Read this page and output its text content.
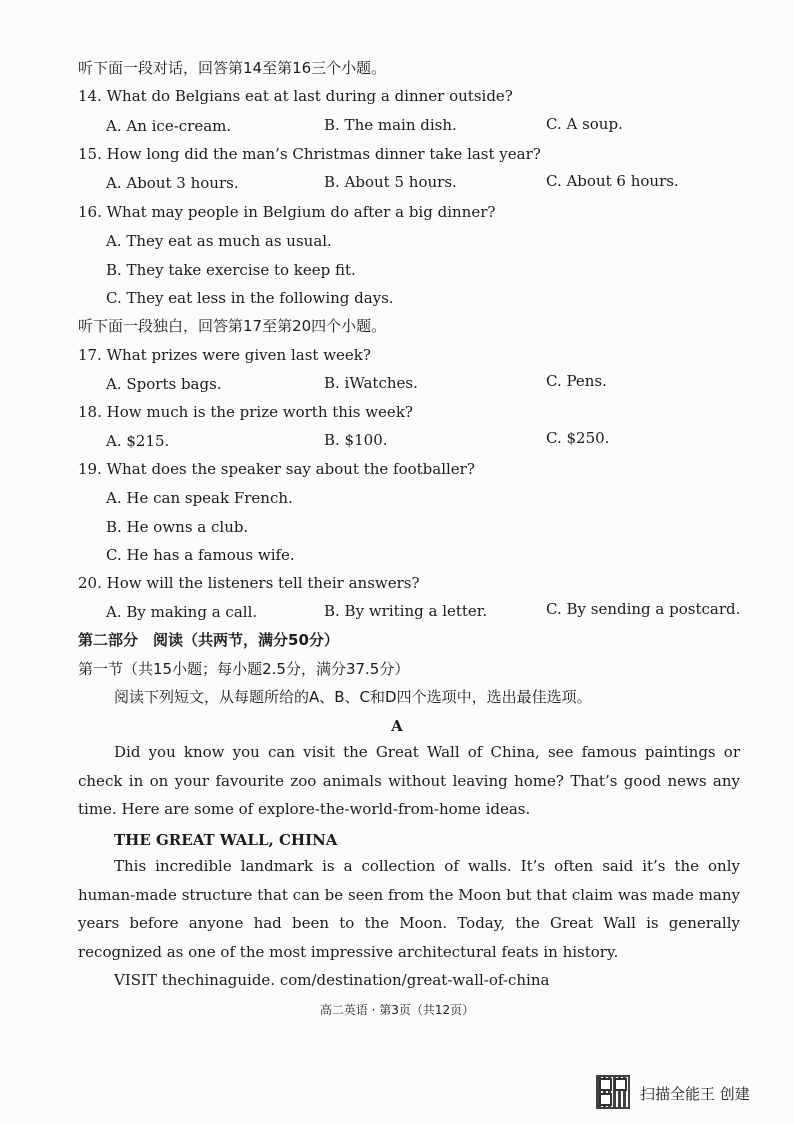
听下面一段对话，回答第14至第16三个小题。
14. What do Belgians eat at last during a dinner outside?
A. An ice-cream.	B. The main dish.	C. A soup.
15. How long did the man’s Christmas dinner take last year?
A. About 3 hours.	B. About 5 hours.	C. About 6 hours.
16. What may people in Belgium do after a big dinner?
A. They eat as much as usual.
B. They take exercise to keep fit.
C. They eat less in the following days.
听下面一段独白，回答第17至第20四个小题。
17. What prizes were given last week?
A. Sports bags.	B. iWatches.	C. Pens.
18. How much is the prize worth this week?
A. $215.	B. $100.	C. $250.
19. What does the speaker say about the footballer?
A. He can speak French.
B. He owns a club.
C. He has a famous wife.
20. How will the listeners tell their answers?
A. By making a call.	B. By writing a letter.	C. By sending a postcard.
第二部分　阅读（共两节，满分50分）
第一节（共15小题；每小题2.5分，满分37.5分）
阅读下列短文，从每题所给的A、B、C和D四个选项中，选出最佳选项。
A
Did you know you can visit the Great Wall of China, see famous paintings or check in on your favourite zoo animals without leaving home? That’s good news any time. Here are some of explore-the-world-from-home ideas.
THE GREAT WALL, CHINA
This incredible landmark is a collection of walls. It’s often said it’s the only human-made structure that can be seen from the Moon but that claim was made many years before anyone had been to the Moon. Today, the Great Wall is generally recognized as one of the most impressive architectural feats in history.
VISIT thechinaguide. com/destination/great-wall-of-china
高二英语 · 第3页（共12页）
扫描全能王 创建
